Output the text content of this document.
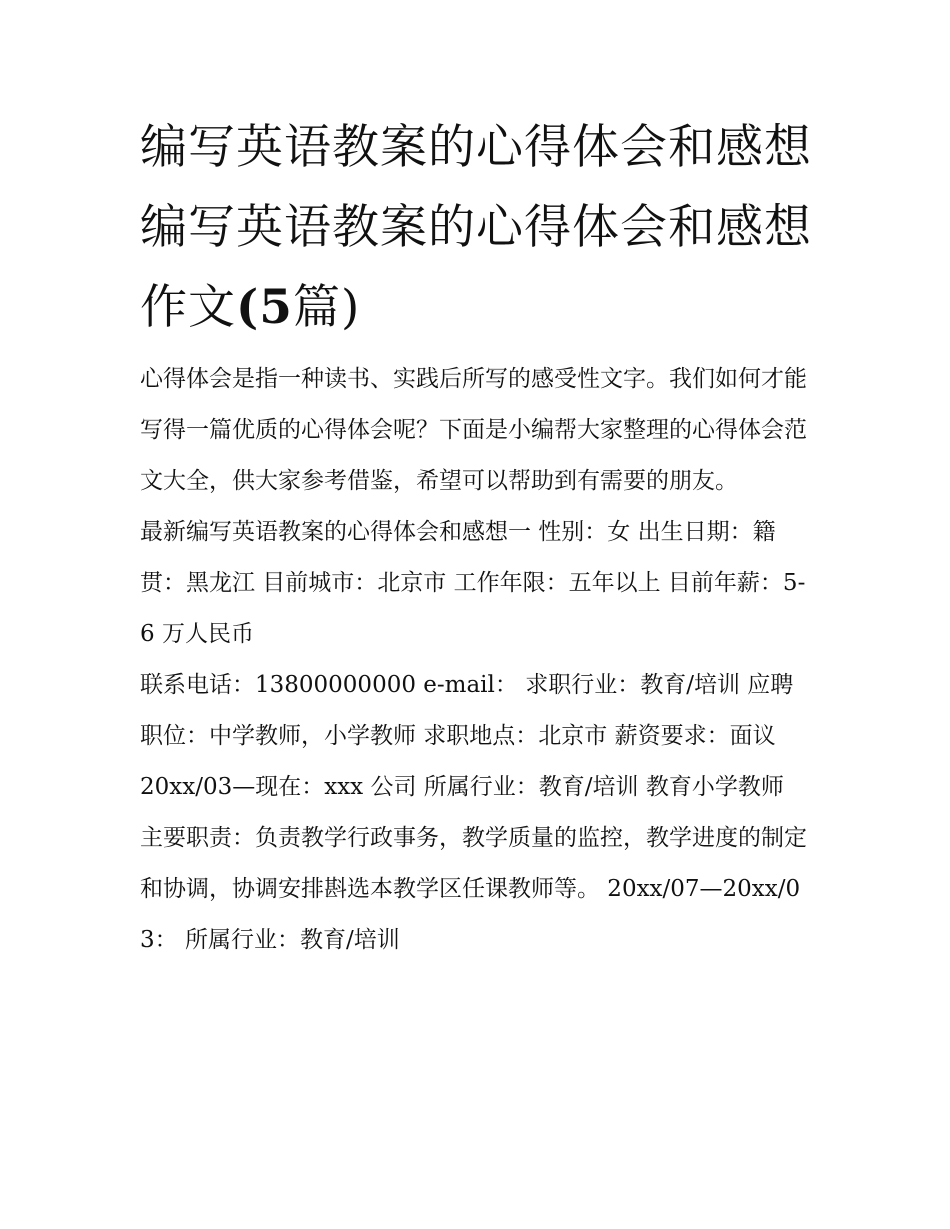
编写英语教案的心得体会和感想 编写英语教案的心得体会和感想作文(5篇)

心得体会是指一种读书、实践后所写的感受性文字。我们如何才能写得一篇优质的心得体会呢？下面是小编帮大家整理的心得体会范文大全，供大家参考借鉴，希望可以帮助到有需要的朋友。

最新编写英语教案的心得体会和感想一 性别：女 出生日期：籍贯：黑龙江 目前城市：北京市 工作年限：五年以上 目前年薪：5-6 万人民币

联系电话：13800000000 e-mail： 求职行业：教育/培训 应聘职位：中学教师，小学教师 求职地点：北京市 薪资要求：面议

20xx/03—现在：xxx 公司 所属行业：教育/培训 教育小学教师

主要职责：负责教学行政事务，教学质量的监控，教学进度的制定和协调，协调安排斟选本教学区任课教师等。 20xx/07—20xx/03： 所属行业：教育/培训
